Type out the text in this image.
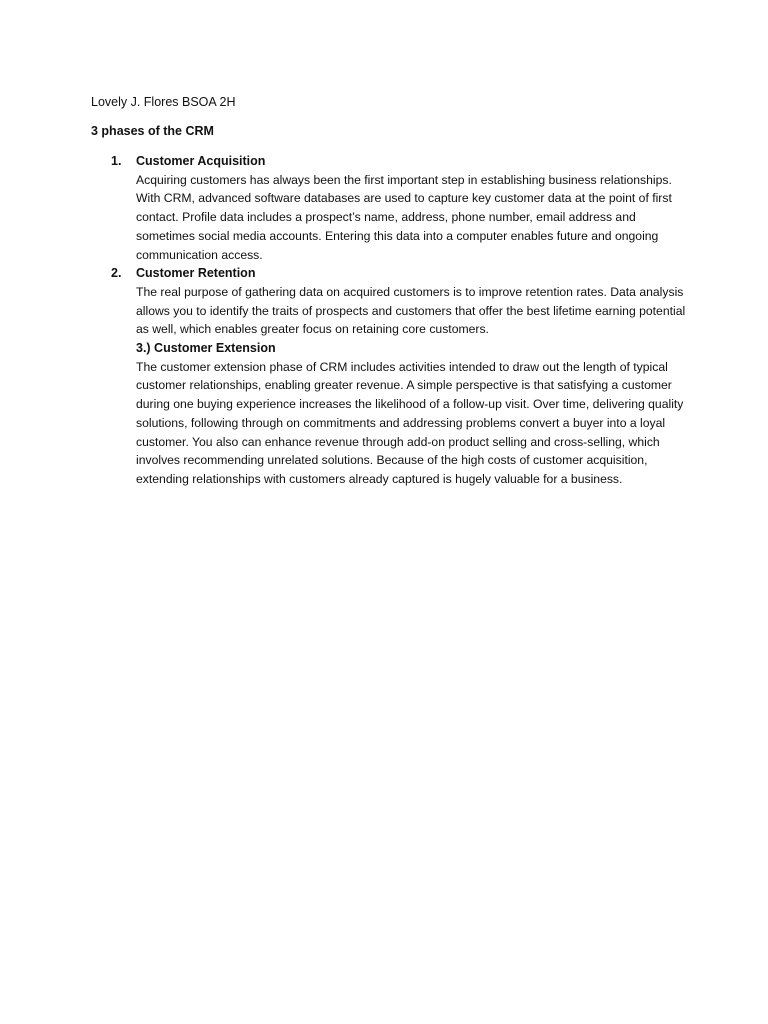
Lovely J. Flores BSOA 2H
3 phases of the CRM
1. Customer Acquisition
Acquiring customers has always been the first important step in establishing business relationships. With CRM, advanced software databases are used to capture key customer data at the point of first contact. Profile data includes a prospect’s name, address, phone number, email address and sometimes social media accounts. Entering this data into a computer enables future and ongoing communication access.
2. Customer Retention
The real purpose of gathering data on acquired customers is to improve retention rates. Data analysis allows you to identify the traits of prospects and customers that offer the best lifetime earning potential as well, which enables greater focus on retaining core customers.
3.) Customer Extension
The customer extension phase of CRM includes activities intended to draw out the length of typical customer relationships, enabling greater revenue. A simple perspective is that satisfying a customer during one buying experience increases the likelihood of a follow-up visit. Over time, delivering quality solutions, following through on commitments and addressing problems convert a buyer into a loyal customer. You also can enhance revenue through add-on product selling and cross-selling, which involves recommending unrelated solutions. Because of the high costs of customer acquisition, extending relationships with customers already captured is hugely valuable for a business.
